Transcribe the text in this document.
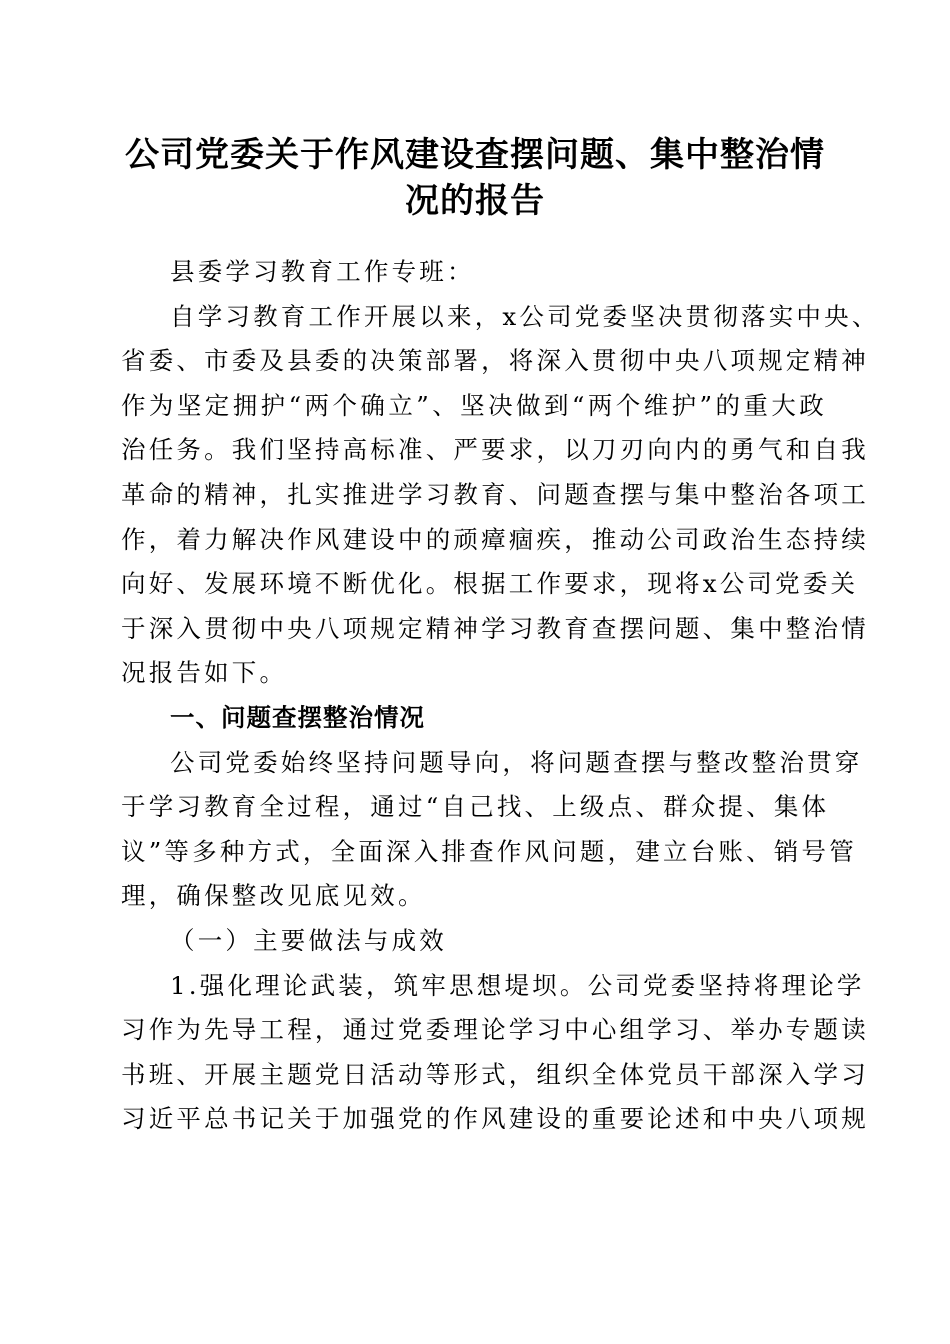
公司党委关于作风建设查摆问题、集中整治情
况的报告

县委学习教育工作专班：

自学习教育工作开展以来，x公司党委坚决贯彻落实中央、
省委、市委及县委的决策部署，将深入贯彻中央八项规定精神
作为坚定拥护“两个确立”、坚决做到“两个维护”的重大政
治任务。我们坚持高标准、严要求，以刀刃向内的勇气和自我
革命的精神，扎实推进学习教育、问题查摆与集中整治各项工
作，着力解决作风建设中的顽瘴痼疾，推动公司政治生态持续
向好、发展环境不断优化。根据工作要求，现将x公司党委关
于深入贯彻中央八项规定精神学习教育查摆问题、集中整治情
况报告如下。

一、问题查摆整治情况

公司党委始终坚持问题导向，将问题查摆与整改整治贯穿
于学习教育全过程，通过“自己找、上级点、群众提、集体
议”等多种方式，全面深入排查作风问题，建立台账、销号管
理，确保整改见底见效。

（一）主要做法与成效

1.强化理论武装，筑牢思想堤坝。公司党委坚持将理论学
习作为先导工程，通过党委理论学习中心组学习、举办专题读
书班、开展主题党日活动等形式，组织全体党员干部深入学习
习近平总书记关于加强党的作风建设的重要论述和中央八项规
